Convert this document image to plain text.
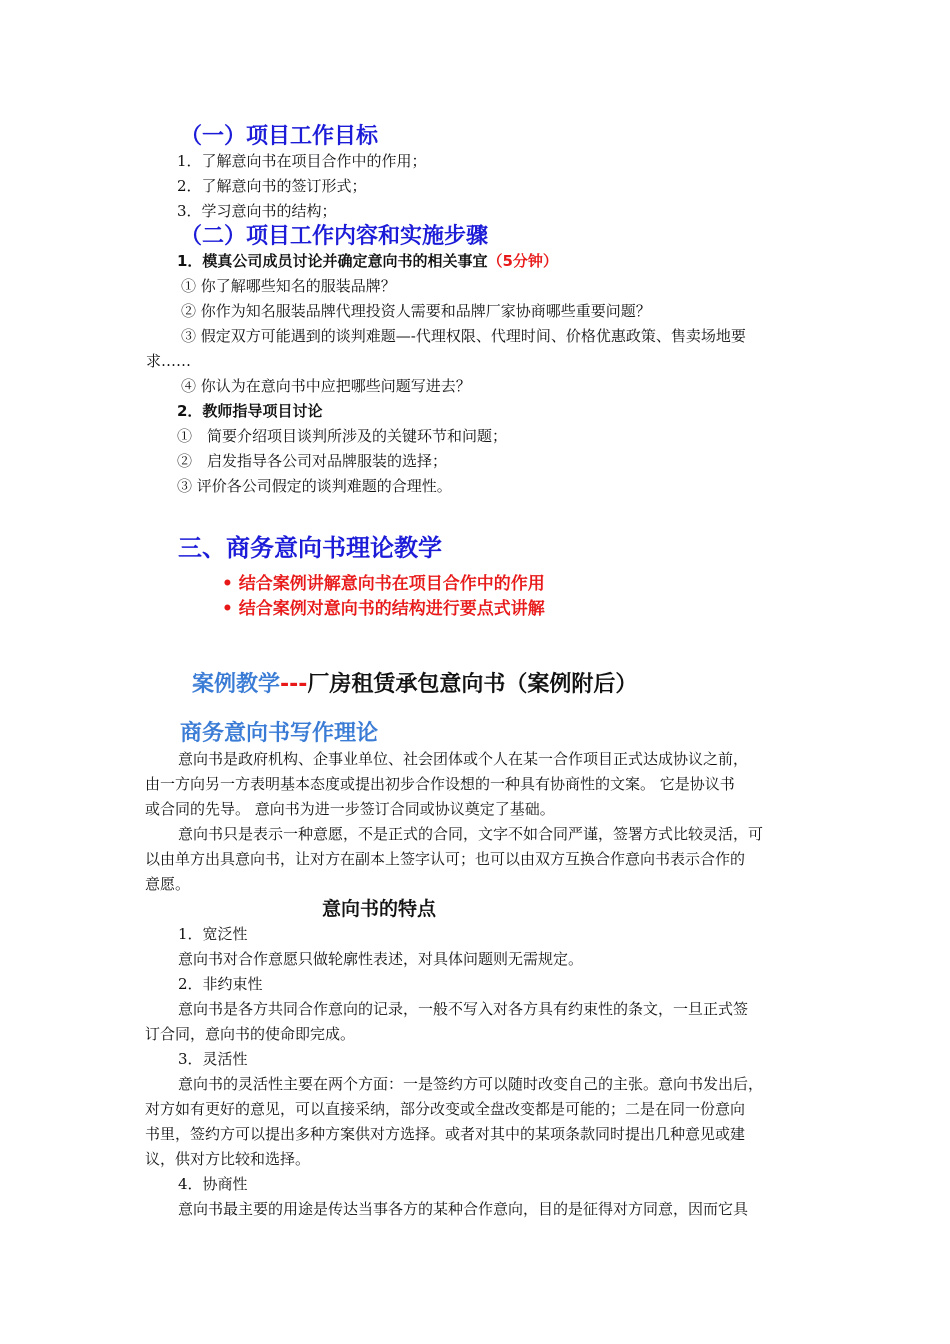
（一）项目工作目标
1．了解意向书在项目合作中的作用；
2．了解意向书的签订形式；
3．学习意向书的结构；
（二）项目工作内容和实施步骤
1．模真公司成员讨论并确定意向书的相关事宜（5分钟）
① 你了解哪些知名的服装品牌？
② 你作为知名服装品牌代理投资人需要和品牌厂家协商哪些重要问题？
③ 假定双方可能遇到的谈判难题—-代理权限、代理时间、价格优惠政策、售卖场地要
求……
④ 你认为在意向书中应把哪些问题写进去？
2．教师指导项目讨论
①　简要介绍项目谈判所涉及的关键环节和问题；
②　启发指导各公司对品牌服装的选择；
③ 评价各公司假定的谈判难题的合理性。
三、商务意向书理论教学
• 结合案例讲解意向书在项目合作中的作用
• 结合案例对意向书的结构进行要点式讲解
案例教学---厂房租赁承包意向书（案例附后）
商务意向书写作理论
意向书是政府机构、企事业单位、社会团体或个人在某一合作项目正式达成协议之前，
由一方向另一方表明基本态度或提出初步合作设想的一种具有协商性的文案。 它是协议书
或合同的先导。 意向书为进一步签订合同或协议奠定了基础。
意向书只是表示一种意愿，不是正式的合同，文字不如合同严谨，签署方式比较灵活，可
以由单方出具意向书，让对方在副本上签字认可；也可以由双方互换合作意向书表示合作的
意愿。
意向书的特点
1．宽泛性
意向书对合作意愿只做轮廓性表述，对具体问题则无需规定。
2．非约束性
意向书是各方共同合作意向的记录，一般不写入对各方具有约束性的条文，一旦正式签
订合同，意向书的使命即完成。
3．灵活性
意向书的灵活性主要在两个方面：一是签约方可以随时改变自己的主张。意向书发出后，
对方如有更好的意见，可以直接采纳，部分改变或全盘改变都是可能的；二是在同一份意向
书里，签约方可以提出多种方案供对方选择。或者对其中的某项条款同时提出几种意见或建
议，供对方比较和选择。
4．协商性
意向书最主要的用途是传达当事各方的某种合作意向，目的是征得对方同意，因而它具
